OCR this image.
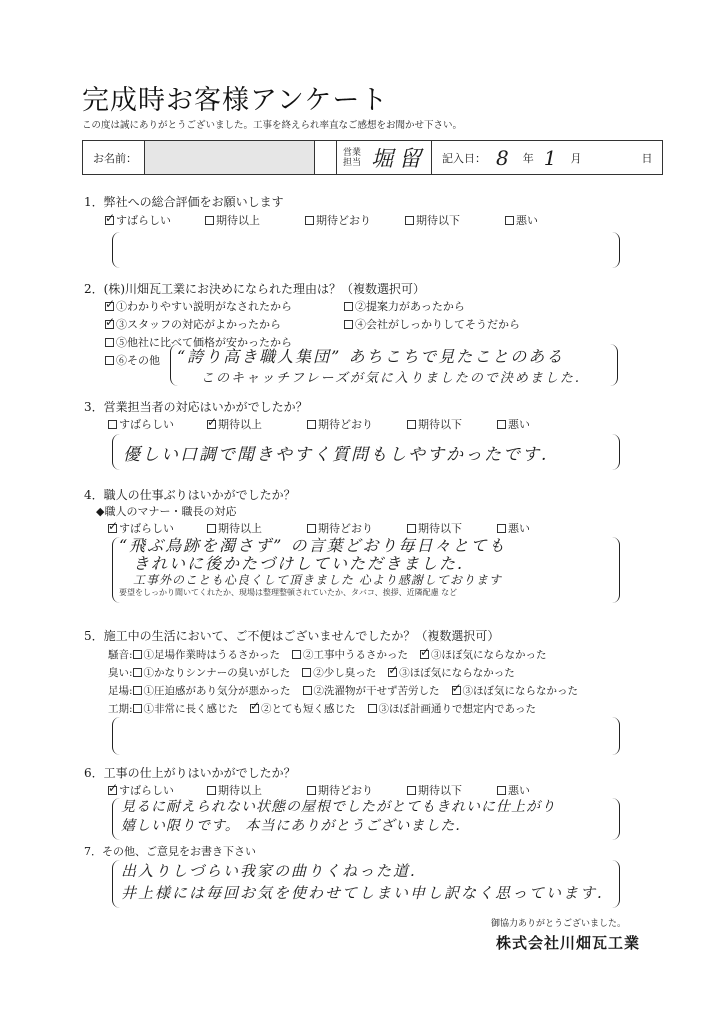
完成時お客様アンケート
この度は誠にありがとうございました。工事を終えられ率直なご感想をお聞かせ下さい。
お名前：	営業
担当 堀留 記入日： 8 年 1 月	日
1．弊社への総合評価をお願いします
✓
すばらしい	期待以上	期待どおり	期待以下	悪い
2．(株)川畑瓦工業にお決めになられた理由は？（複数選択可）
✓
①わかりやすい説明がなされたから	②提案力があったから
✓
③スタッフの対応がよかったから	④会社がしっかりしてそうだから
⑤他社に比べて価格が安かったから
⑥その他 “誇り高き職人集団” あちこちで見たことのある
このキャッチフレーズが気に入りましたので決めました.
3．営業担当者の対応はいかがでしたか？
すばらしい ✓	期待以上	期待どおり	期待以下	悪い
優しい口調で聞きやすく質問もしやすかったです.
4．職人の仕事ぶりはいかがでしたか？
◆職人のマナー・職長の対応
✓
すばらしい	期待以上	期待どおり	期待以下	悪い
“飛ぶ鳥跡を濁さず” の言葉どおり毎日々とても
きれいに後かたづけしていただきました.
工事外のことも心良くして頂きました 心より感謝しております
要望をしっかり聞いてくれたか、現場は整理整頓されていたか、タバコ、挨拶、近隣配慮 など
5．施工中の生活において、ご不便はございませんでしたか？（複数選択可）
騒音: ①足場作業時はうるさかった ②工事中うるさかった ✓ ③ほぼ気にならなかった
臭い: ①かなりシンナーの臭いがした ②少し臭った ✓ ③ほぼ気にならなかった
足場: ①圧迫感があり気分が悪かった ②洗濯物が干せず苦労した ✓ ③ほぼ気にならなかった
工期: ①非常に長く感じた ✓ ②とても短く感じた ③ほぼ計画通りで想定内であった
6．工事の仕上がりはいかがでしたか？
✓
すばらしい	期待以上	期待どおり	期待以下	悪い
見るに耐えられない状態の屋根でしたがとてもきれいに仕上がり
嬉しい限りです。 本当にありがとうございました.
7．その他、ご意見をお書き下さい
出入りしづらい我家の曲りくねった道.
井上様には毎回お気を使わせてしまい申し訳なく思っています.
御協力ありがとうございました。
株式会社川畑瓦工業
